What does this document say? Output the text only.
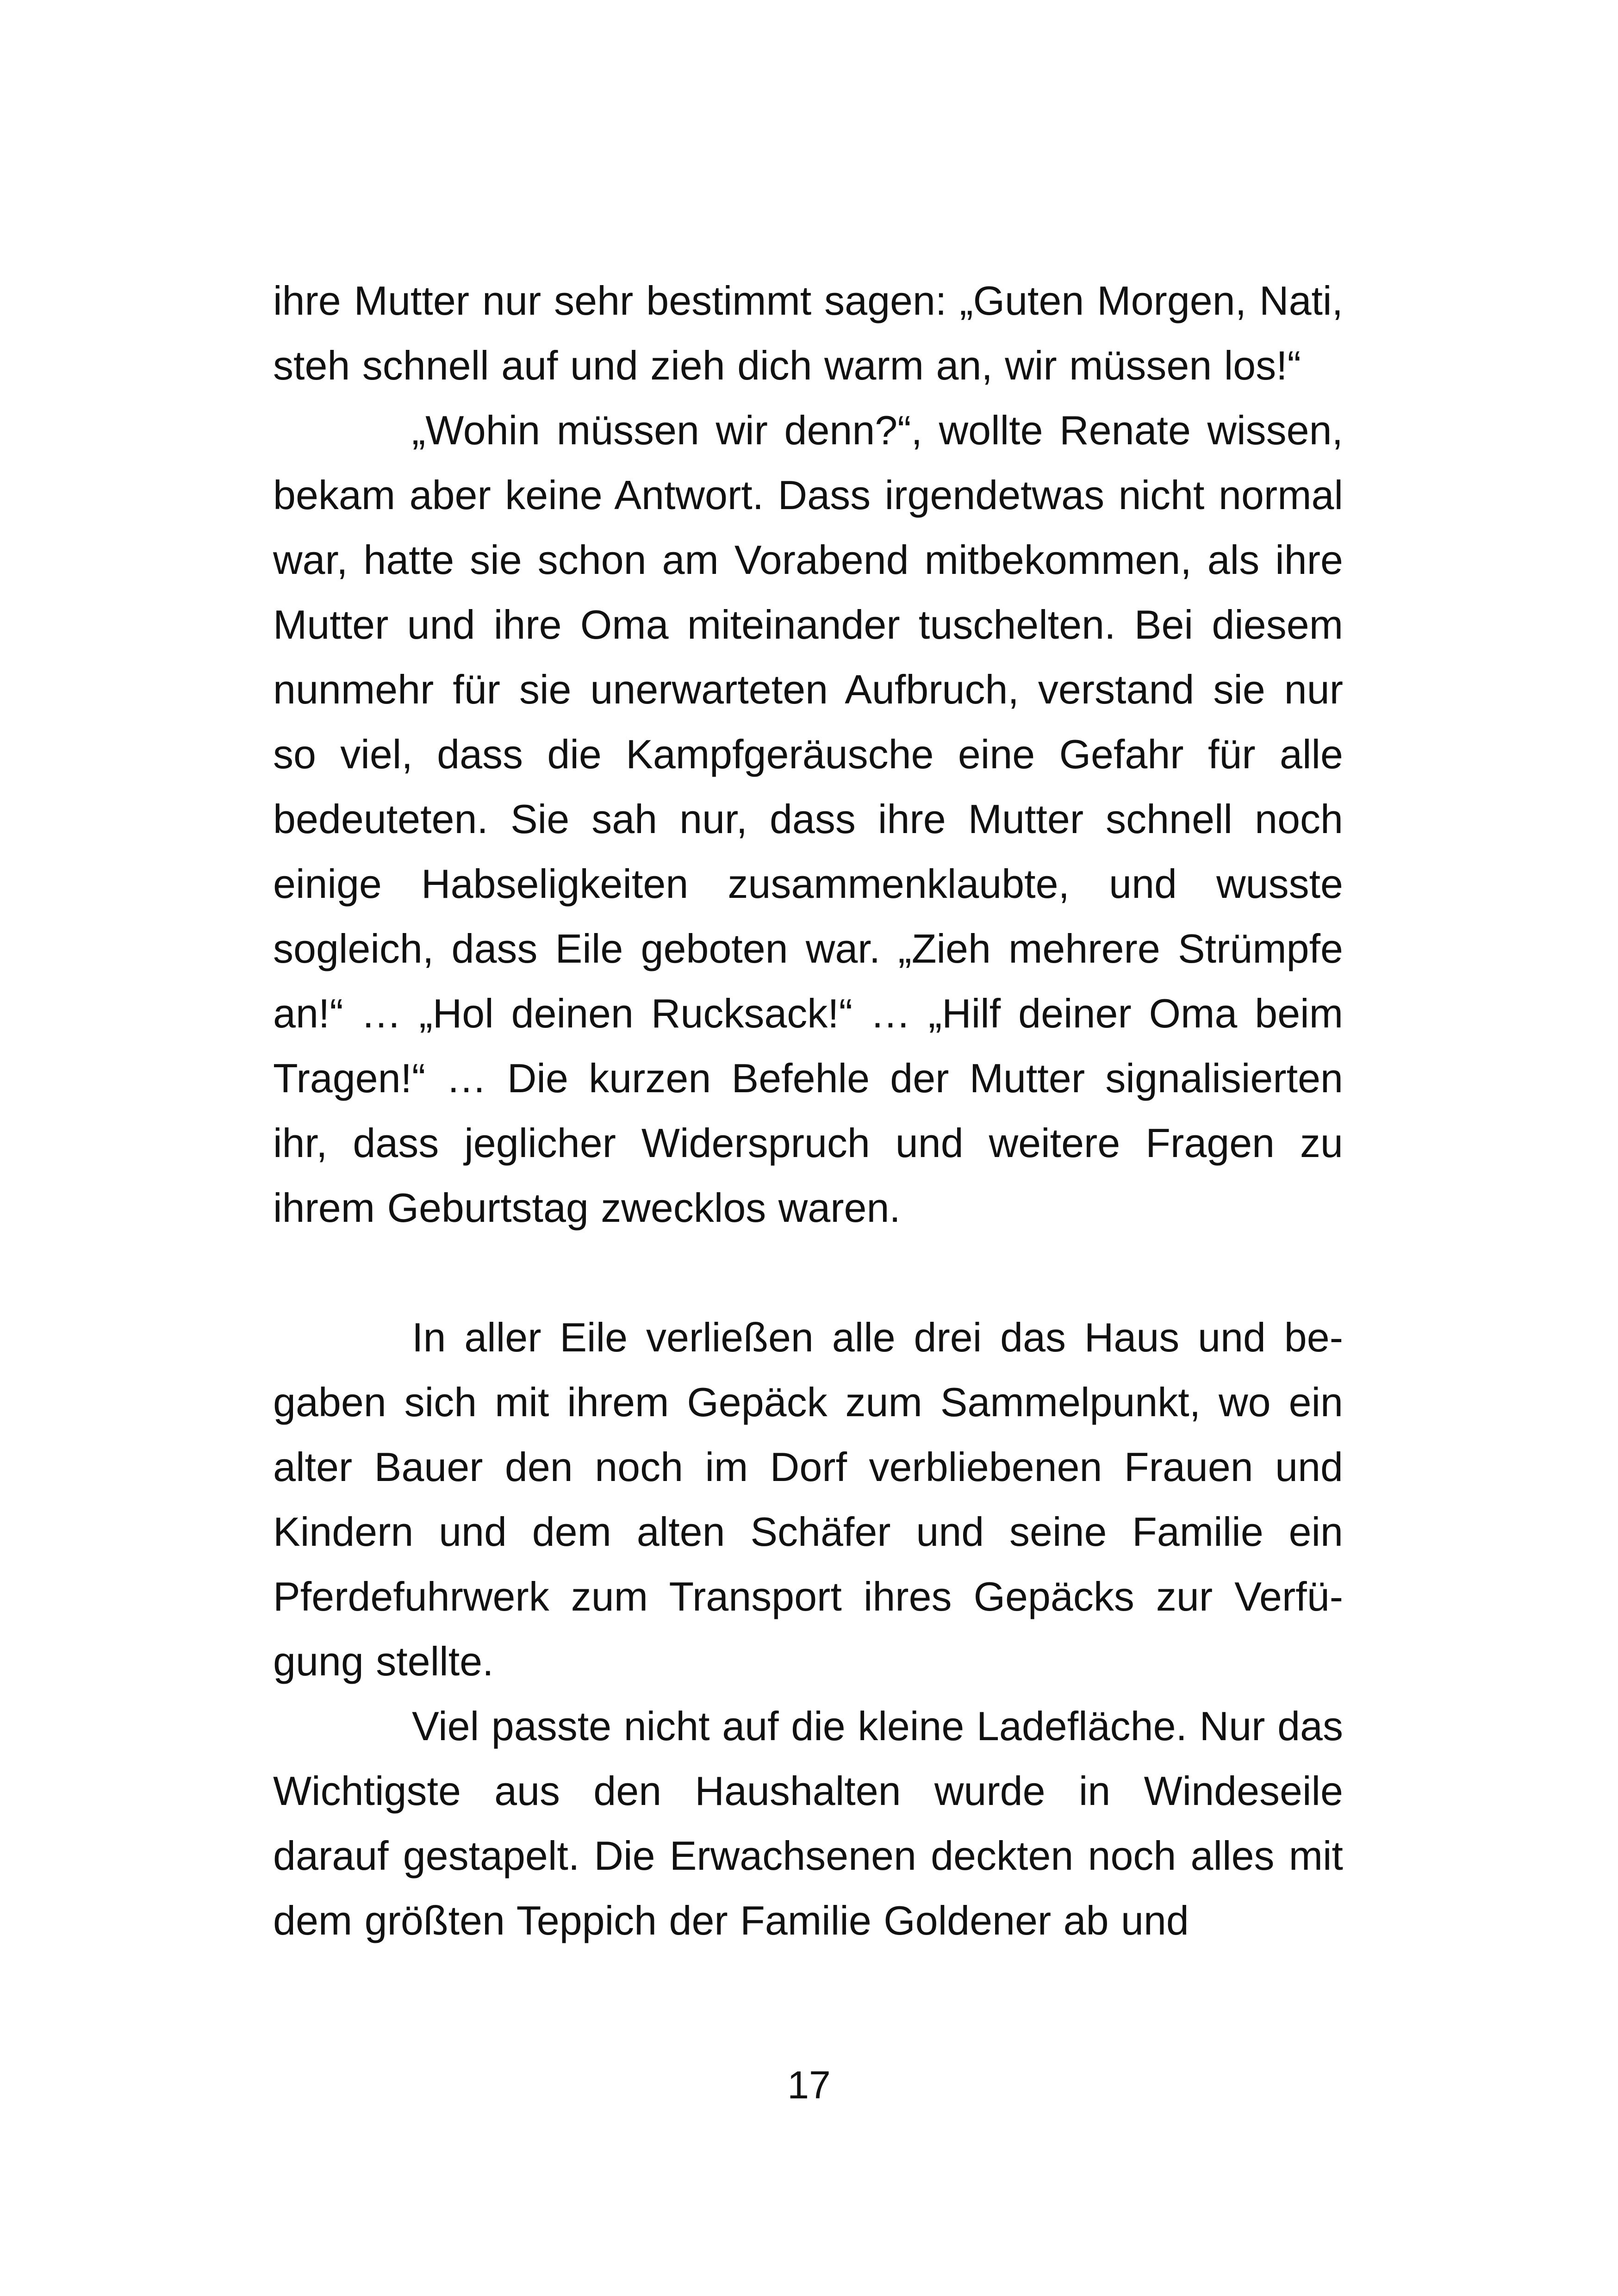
ihre Mutter nur sehr bestimmt sagen: „Guten Morgen, Nati, steh schnell auf und zieh dich warm an, wir müssen los!“

„Wohin müssen wir denn?“, wollte Renate wissen, bekam aber keine Antwort. Dass irgendetwas nicht normal war, hatte sie schon am Vorabend mitbekommen, als ihre Mutter und ihre Oma miteinander tuschelten. Bei diesem nunmehr für sie unerwarteten Aufbruch, verstand sie nur so viel, dass die Kampfgeräusche eine Gefahr für alle bedeuteten. Sie sah nur, dass ihre Mutter schnell noch einige Habseligkeiten zusammenklaubte, und wusste sogleich, dass Eile geboten war. „Zieh mehrere Strümpfe an!“ … „Hol deinen Rucksack!“ … „Hilf deiner Oma beim Tragen!“ … Die kurzen Befehle der Mutter signalisierten ihr, dass jeglicher Widerspruch und weitere Fragen zu ihrem Geburtstag zwecklos waren.

In aller Eile verließen alle drei das Haus und begaben sich mit ihrem Gepäck zum Sammelpunkt, wo ein alter Bauer den noch im Dorf verbliebenen Frauen und Kindern und dem alten Schäfer und seine Familie ein Pferdefuhrwerk zum Transport ihres Gepäcks zur Verfügung stellte.

Viel passte nicht auf die kleine Ladefläche. Nur das Wichtigste aus den Haushalten wurde in Windeseile darauf gestapelt. Die Erwachsenen deckten noch alles mit dem größten Teppich der Familie Goldener ab und

17
